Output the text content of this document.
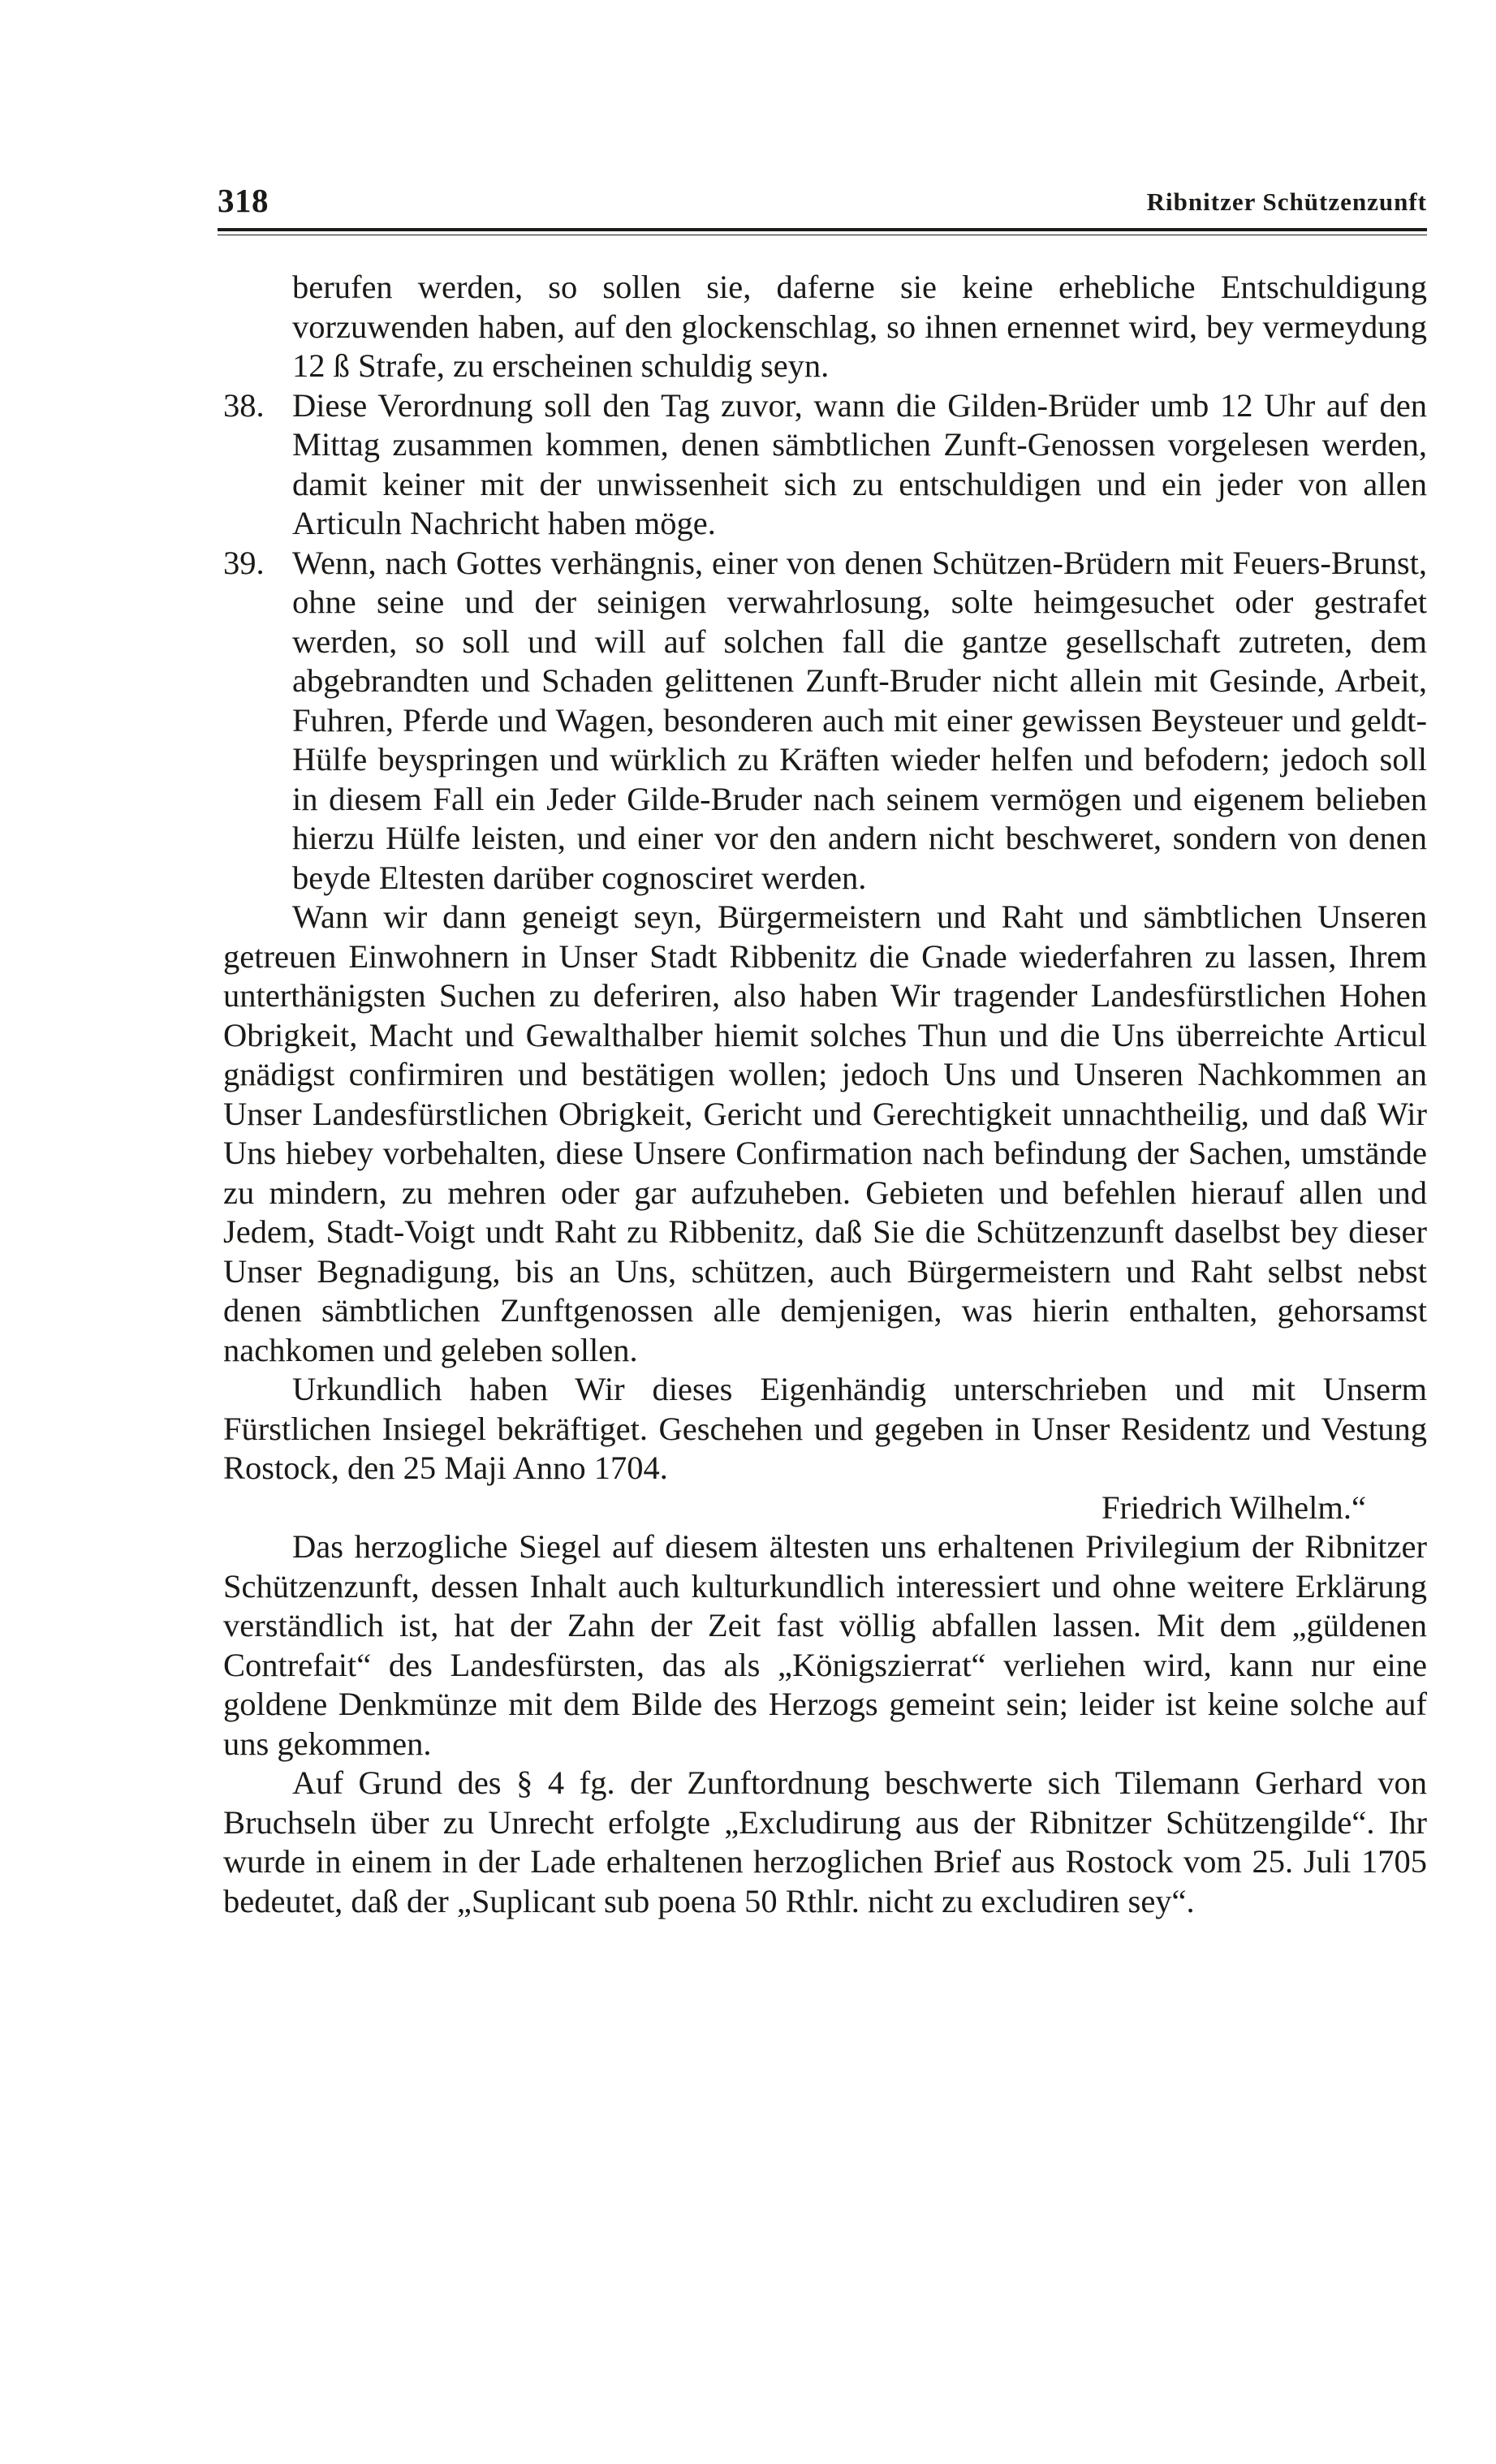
318	Ribnitzer Schützenzunft

berufen werden, so sollen sie, daferne sie keine erhebliche Entschuldigung vorzuwenden haben, auf den glockenschlag, so ihnen ernennet wird, bey vermeydung 12 ß Strafe, zu erscheinen schuldig seyn.

38. Diese Verordnung soll den Tag zuvor, wann die Gilden-Brüder umb 12 Uhr auf den Mittag zusammen kommen, denen sämbtlichen Zunft-Genossen vorgelesen werden, damit keiner mit der unwissenheit sich zu entschuldigen und ein jeder von allen Articuln Nachricht haben möge.

39. Wenn, nach Gottes verhängnis, einer von denen Schützen-Brüdern mit Feuers-Brunst, ohne seine und der seinigen verwahrlosung, solte heimgesuchet oder gestrafet werden, so soll und will auf solchen fall die gantze gesellschaft zutreten, dem abgebrandten und Schaden gelittenen Zunft-Bruder nicht allein mit Gesinde, Arbeit, Fuhren, Pferde und Wagen, besonderen auch mit einer gewissen Beysteuer und geldt-Hülfe beyspringen und würklich zu Kräften wieder helfen und befodern; jedoch soll in diesem Fall ein Jeder Gilde-Bruder nach seinem vermögen und eigenem belieben hierzu Hülfe leisten, und einer vor den andern nicht beschweret, sondern von denen beyde Eltesten darüber cognosciret werden.

Wann wir dann geneigt seyn, Bürgermeistern und Raht und sämbtlichen Unseren getreuen Einwohnern in Unser Stadt Ribbenitz die Gnade wiederfahren zu lassen, Ihrem unterthänigsten Suchen zu deferiren, also haben Wir tragender Landesfürstlichen Hohen Obrigkeit, Macht und Gewalthalber hiemit solches Thun und die Uns überreichte Articul gnädigst confirmiren und bestätigen wollen; jedoch Uns und Unseren Nachkommen an Unser Landesfürstlichen Obrigkeit, Gericht und Gerechtigkeit unnachtheilig, und daß Wir Uns hiebey vorbehalten, diese Unsere Confirmation nach befindung der Sachen, umstände zu mindern, zu mehren oder gar aufzuheben. Gebieten und befehlen hierauf allen und Jedem, Stadt-Voigt undt Raht zu Ribbenitz, daß Sie die Schützenzunft daselbst bey dieser Unser Begnadigung, bis an Uns, schützen, auch Bürgermeistern und Raht selbst nebst denen sämbtlichen Zunftgenossen alle demjenigen, was hierin enthalten, gehorsamst nachkomen und geleben sollen.

Urkundlich haben Wir dieses Eigenhändig unterschrieben und mit Unserm Fürstlichen Insiegel bekräftiget. Geschehen und gegeben in Unser Residentz und Vestung Rostock, den 25 Maji Anno 1704.

Friedrich Wilhelm.“

Das herzogliche Siegel auf diesem ältesten uns erhaltenen Privilegium der Ribnitzer Schützenzunft, dessen Inhalt auch kulturkundlich interessiert und ohne weitere Erklärung verständlich ist, hat der Zahn der Zeit fast völlig abfallen lassen. Mit dem „güldenen Contrefait“ des Landesfürsten, das als „Königszierrat“ verliehen wird, kann nur eine goldene Denkmünze mit dem Bilde des Herzogs gemeint sein; leider ist keine solche auf uns gekommen.

Auf Grund des § 4 fg. der Zunftordnung beschwerte sich Tilemann Gerhard von Bruchseln über zu Unrecht erfolgte „Excludirung aus der Ribnitzer Schützengilde“. Ihr wurde in einem in der Lade erhaltenen herzoglichen Brief aus Rostock vom 25. Juli 1705 bedeutet, daß der „Suplicant sub poena 50 Rthlr. nicht zu excludiren sey“.
